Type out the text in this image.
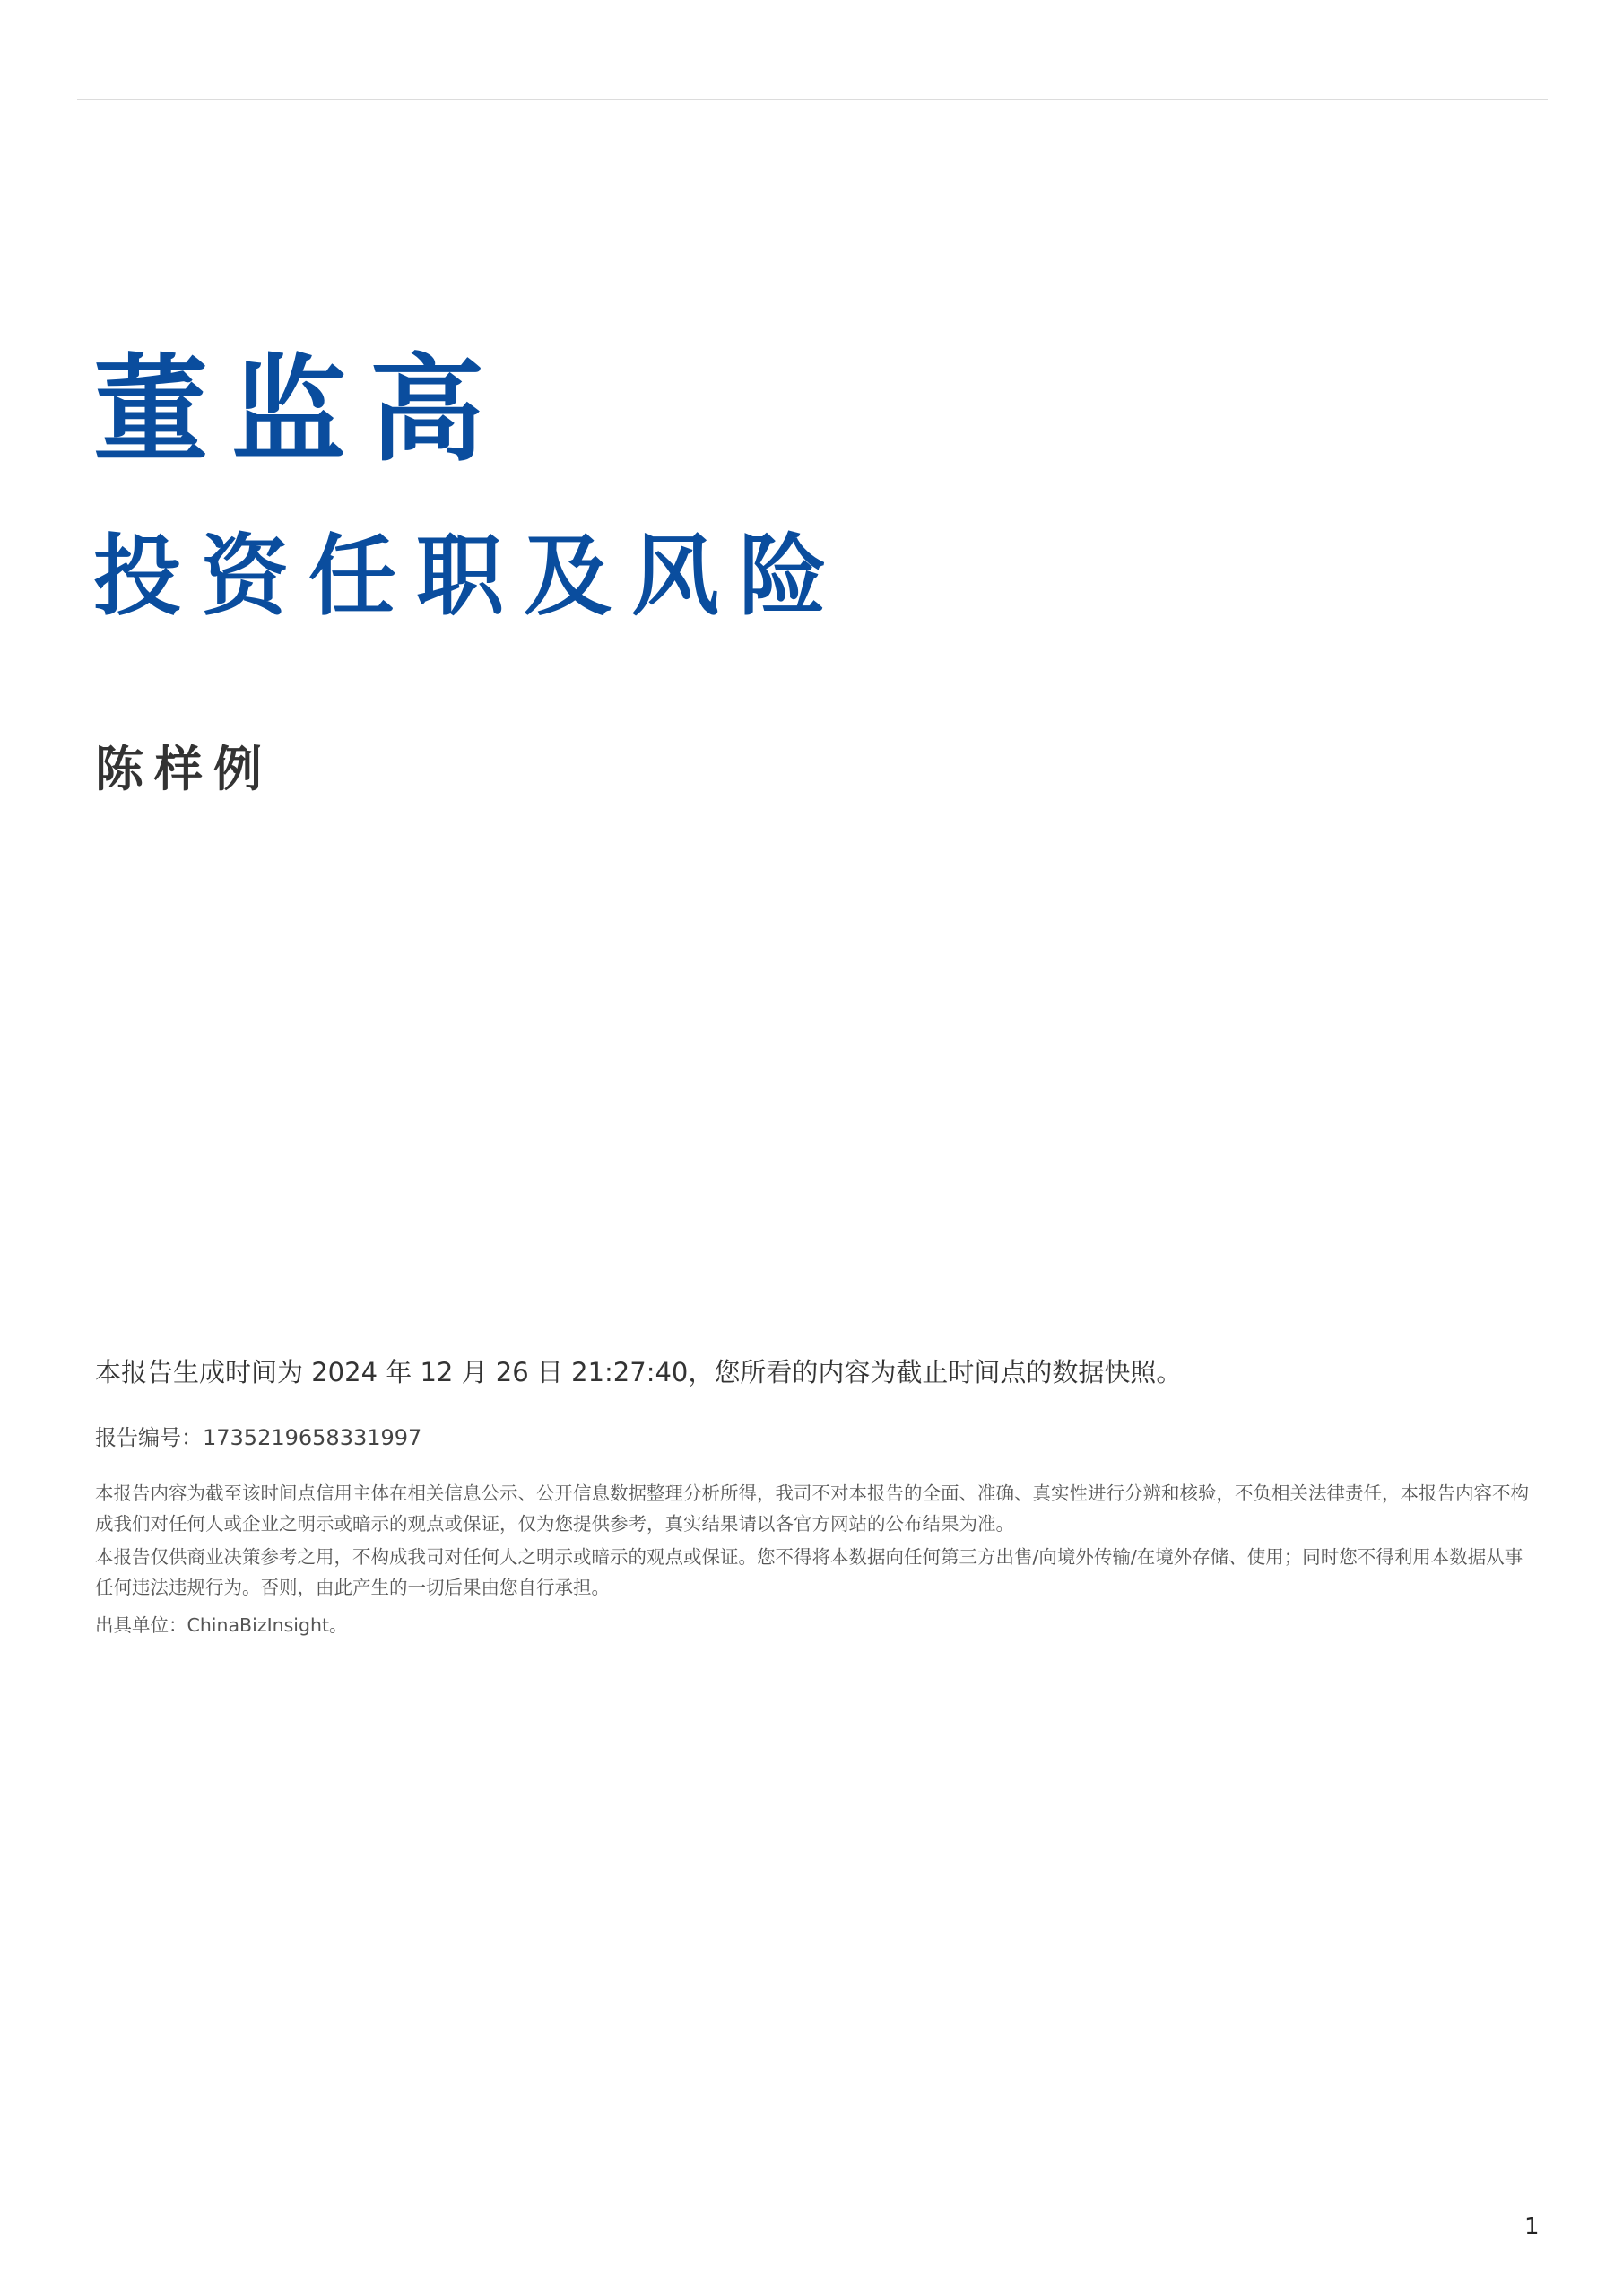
董监高
投资任职及风险
陈样例
本报告生成时间为 2024 年 12 月 26 日 21:27:40，您所看的内容为截止时间点的数据快照。
报告编号：1735219658331997
本报告内容为截至该时间点信用主体在相关信息公示、公开信息数据整理分析所得，我司不对本报告的全面、准确、真实性进行分辨和核验，不负相关法律责任，本报告内容不构成我们对任何人或企业之明示或暗示的观点或保证，仅为您提供参考，真实结果请以各官方网站的公布结果为准。
本报告仅供商业决策参考之用，不构成我司对任何人之明示或暗示的观点或保证。您不得将本数据向任何第三方出售/向境外传输/在境外存储、使用；同时您不得利用本数据从事任何违法违规行为。否则，由此产生的一切后果由您自行承担。
出具单位：ChinaBizInsight。
1
